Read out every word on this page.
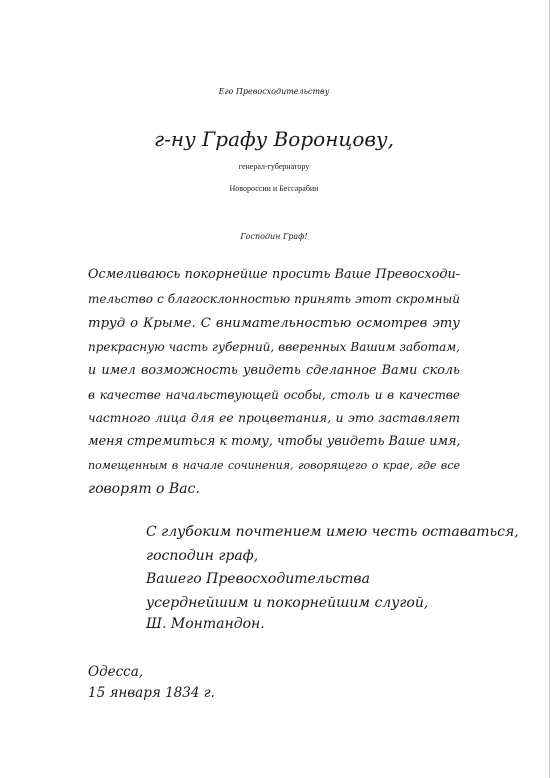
Его Превосходительству
г-ну Графу Воронцову,
генерал-губернатору
Новороссии и Бессарабии
Господин Граф!
Осмеливаюсь покорнейше просить Ваше Превосходи-
тельство с благосклонностью принять этот скромный
труд о Крыме. С внимательностью осмотрев эту
прекрасную часть губерний, вверенных Вашим заботам,
и имел возможность увидеть сделанное Вами сколь
в качестве начальствующей особы, столь и в качестве
частного лица для ее процветания, и это заставляет
меня стремиться к тому, чтобы увидеть Ваше имя,
помещенным в начале сочинения, говорящего о крае, где все
говорят о Вас.
С глубоким почтением имею честь оставаться,
господин граф,
Вашего Превосходительства
усерднейшим и покорнейшим слугой,
Ш. Монтандон.
Одесса,
15 января 1834 г.
